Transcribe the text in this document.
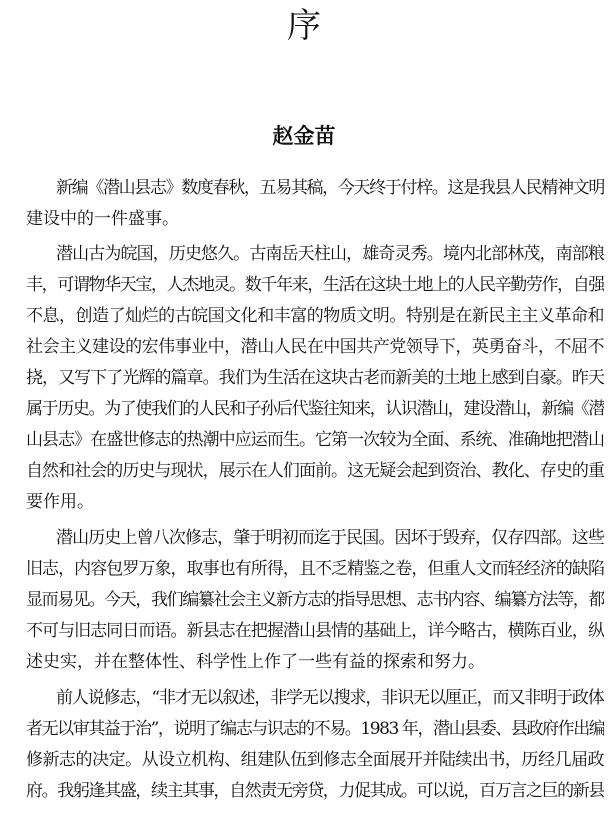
序
赵金苗
新编《潜山县志》数度春秋，五易其稿，今天终于付梓。这是我县人民精神文明
建设中的一件盛事。
潜山古为皖国，历史悠久。古南岳天柱山，雄奇灵秀。境内北部林茂，南部粮
丰，可谓物华天宝，人杰地灵。数千年来，生活在这块土地上的人民辛勤劳作，自强
不息，创造了灿烂的古皖国文化和丰富的物质文明。特别是在新民主主义革命和
社会主义建设的宏伟事业中，潜山人民在中国共产党领导下，英勇奋斗，不屈不
挠，又写下了光辉的篇章。我们为生活在这块古老而新美的土地上感到自豪。昨天
属于历史。为了使我们的人民和子孙后代鉴往知来，认识潜山，建设潜山，新编《潜
山县志》在盛世修志的热潮中应运而生。它第一次较为全面、系统、准确地把潜山
自然和社会的历史与现状，展示在人们面前。这无疑会起到资治、教化、存史的重
要作用。
潜山历史上曾八次修志，肇于明初而迄于民国。因坏于毁弃，仅存四部。这些
旧志，内容包罗万象，取事也有所得，且不乏精鉴之卷，但重人文而轻经济的缺陷
显而易见。今天，我们编纂社会主义新方志的指导思想、志书内容、编纂方法等，都
不可与旧志同日而语。新县志在把握潜山县情的基础上，详今略古，横陈百业，纵
述史实，并在整体性、科学性上作了一些有益的探索和努力。
前人说修志，“非才无以叙述，非学无以搜求，非识无以厘正，而又非明于政体
者无以审其益于治”，说明了编志与识志的不易。1983 年，潜山县委、县政府作出编
修新志的决定。从设立机构、组建队伍到修志全面展开并陆续出书，历经几届政
府。我躬逢其盛，续主其事，自然责无旁贷，力促其成。可以说，百万言之巨的新县
